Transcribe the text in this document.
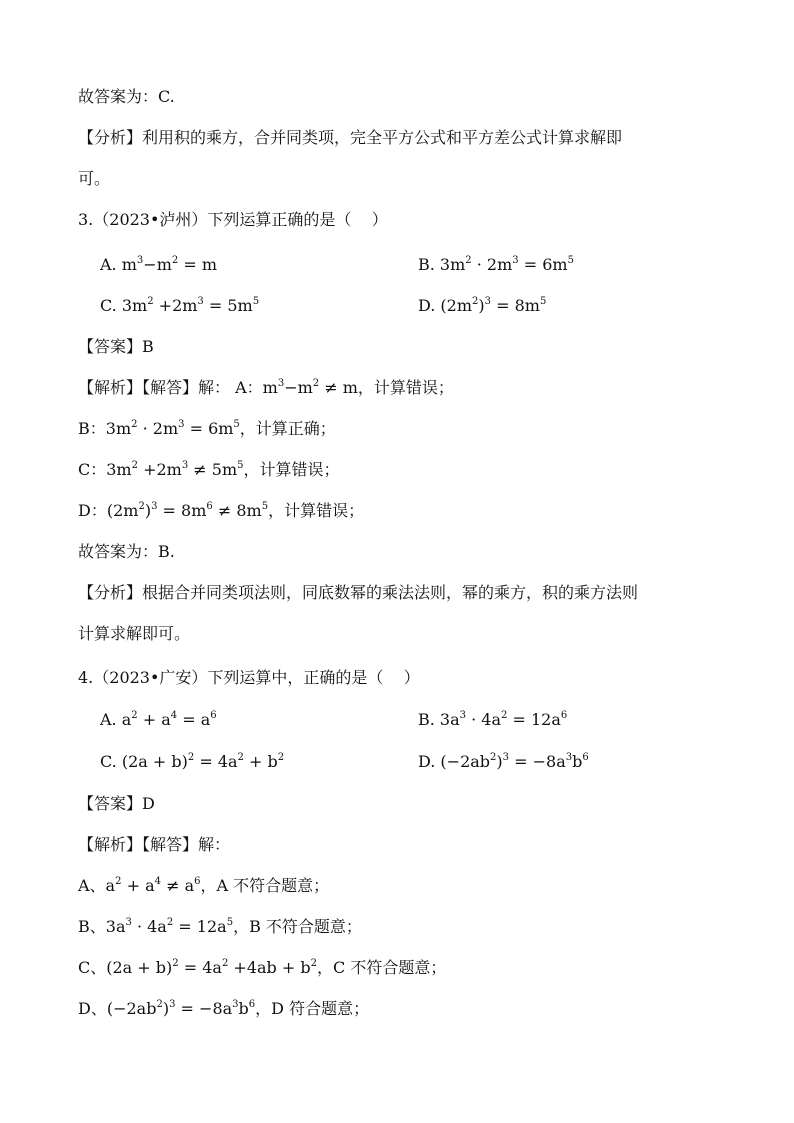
故答案为：C.
【分析】利用积的乘方，合并同类项，完全平方公式和平方差公式计算求解即
可。
3.（2023•泸州）下列运算正确的是（    ）
A. $m^3-m^2 = m$	B. $3m^2 \cdot 2m^3 = 6m^5$
C. $3m^2 +2m^3 = 5m^5$	D. $(2m^2)^3 = 8m^5$
【答案】B
【解析】【解答】解： A：$m^3-m^2 \ne m$，计算错误；
B：$3m^2 \cdot 2m^3 = 6m^5$，计算正确；
C：$3m^2 +2m^3 \ne 5m^5$，计算错误；
D：$(2m^2)^3 = 8m^6 \ne 8m^5$，计算错误；
故答案为：B.
【分析】根据合并同类项法则，同底数幂的乘法法则，幂的乘方，积的乘方法则
计算求解即可。
4.（2023•广安）下列运算中，正确的是（    ）
A. $a^2 + a^4 = a^6$	B. $3a^3 \cdot 4a^2 = 12a^6$
C. $(2a + b)^2 = 4a^2 + b^2$	D. $(-2ab^2)^3 = -8a^3b^6$
【答案】D
【解析】【解答】解：
A、$a^2 + a^4 \ne a^6$，A 不符合题意；
B、$3a^3 \cdot 4a^2 = 12a^5$，B 不符合题意；
C、$(2a + b)^2 = 4a^2 +4ab + b^2$，C 不符合题意；
D、$(-2ab^2)^3 = -8a^3b^6$，D 符合题意；
